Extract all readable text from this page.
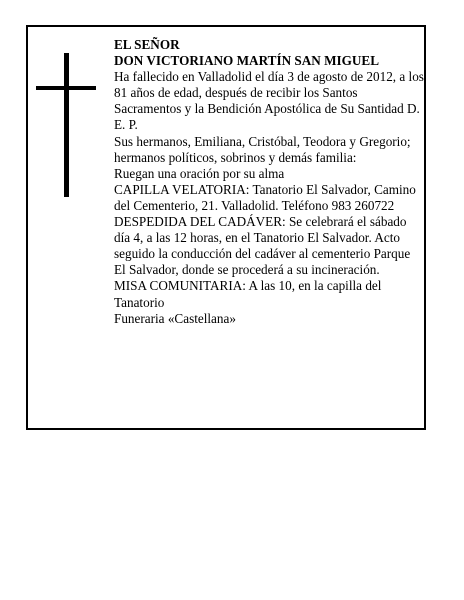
EL SEÑOR

DON VICTORIANO MARTÍN SAN MIGUEL

Ha fallecido en Valladolid el día 3 de agosto de 2012, a los 81 años de edad, después de recibir los Santos Sacramentos y la Bendición Apostólica de Su Santidad D. E. P.

Sus hermanos, Emiliana, Cristóbal, Teodora y Gregorio; hermanos políticos, sobrinos y demás familia:

Ruegan una oración por su alma

CAPILLA VELATORIA: Tanatorio El Salvador, Camino del Cementerio, 21. Valladolid. Teléfono 983 260722

DESPEDIDA DEL CADÁVER: Se celebrará el sábado día 4, a las 12 horas, en el Tanatorio El Salvador. Acto seguido la conducción del cadáver al cementerio Parque El Salvador, donde se procederá a su incineración.

MISA COMUNITARIA: A las 10, en la capilla del Tanatorio

Funeraria «Castellana»
